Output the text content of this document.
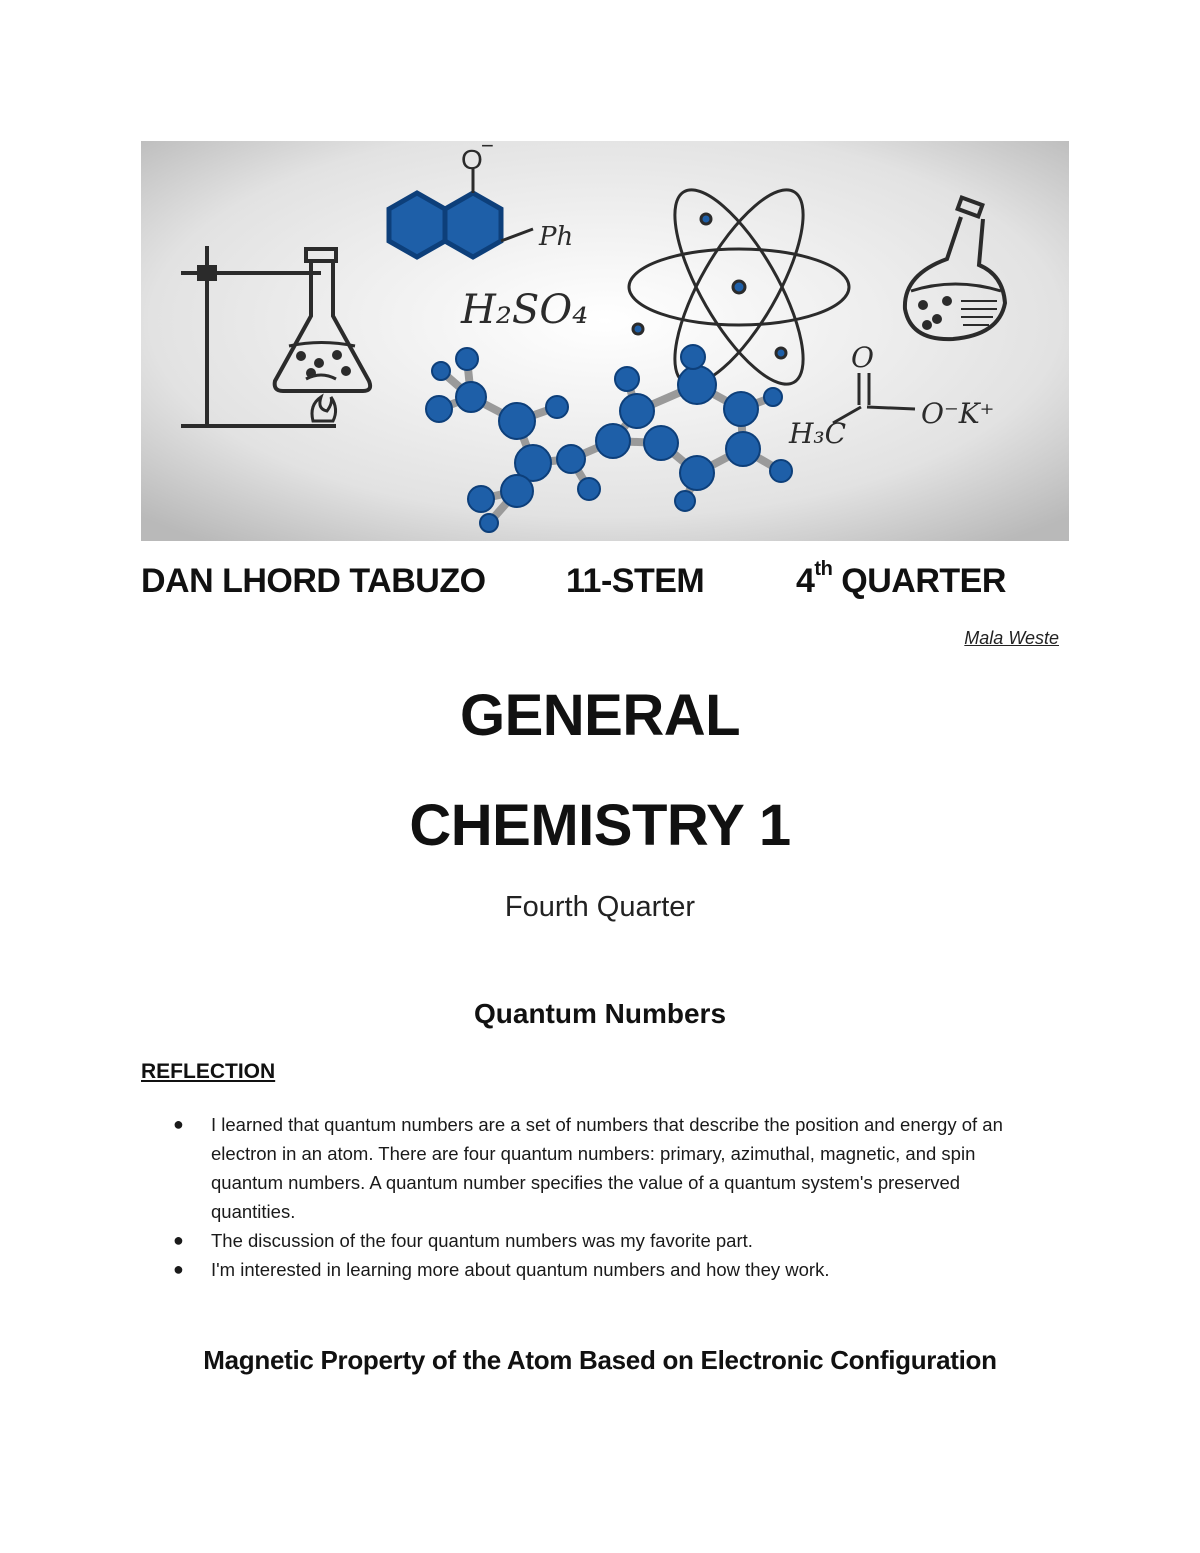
O
−
Ph
H₂SO₄
O
H₃C
O⁻K⁺
DAN LHORD TABUZO 11-STEM	4th QUARTER
Mala Weste
GENERAL
CHEMISTRY 1
Fourth Quarter
Quantum Numbers
REFLECTION
● I learned that quantum numbers are a set of numbers that describe the position and energy of an electron in an atom. There are four quantum numbers: primary, azimuthal, magnetic, and spin quantum numbers. A quantum number specifies the value of a quantum system's preserved quantities.
● The discussion of the four quantum numbers was my favorite part.
● I'm interested in learning more about quantum numbers and how they work.
Magnetic Property of the Atom Based on Electronic Configuration
